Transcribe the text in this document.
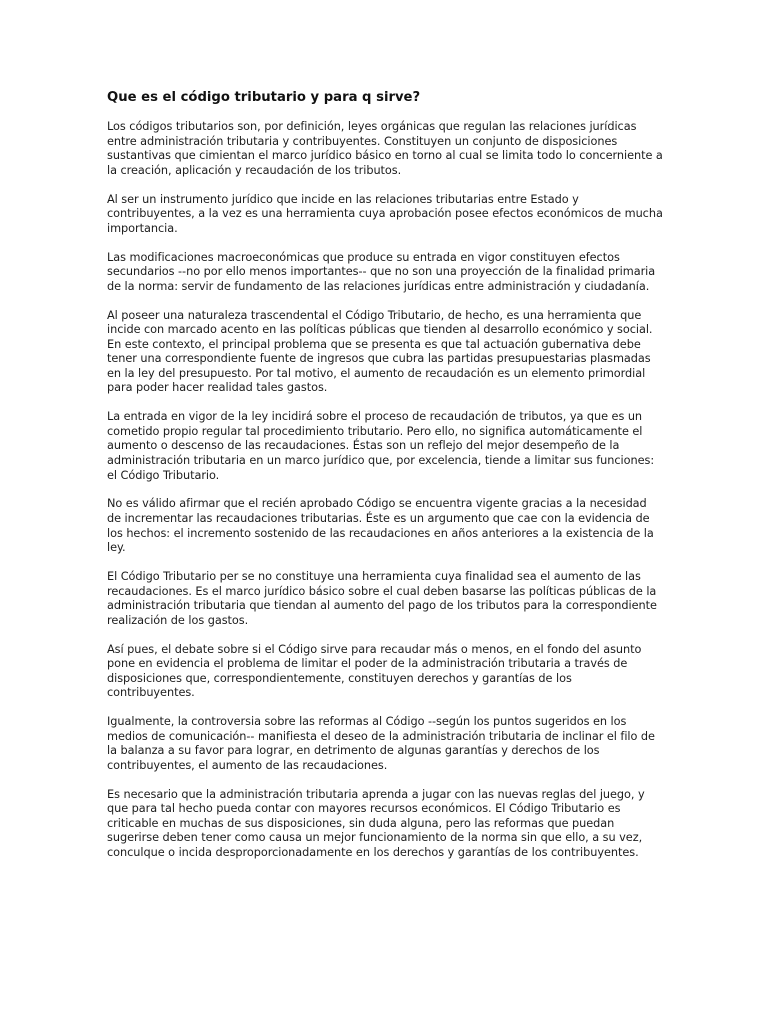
Que es el código tributario y para q sirve?

Los códigos tributarios son, por definición, leyes orgánicas que regulan las relaciones jurídicas entre administración tributaria y contribuyentes. Constituyen un conjunto de disposiciones sustantivas que cimientan el marco jurídico básico en torno al cual se limita todo lo concerniente a la creación, aplicación y recaudación de los tributos.

Al ser un instrumento jurídico que incide en las relaciones tributarias entre Estado y contribuyentes, a la vez es una herramienta cuya aprobación posee efectos económicos de mucha importancia.

Las modificaciones macroeconómicas que produce su entrada en vigor constituyen efectos secundarios --no por ello menos importantes-- que no son una proyección de la finalidad primaria de la norma: servir de fundamento de las relaciones jurídicas entre administración y ciudadanía.

Al poseer una naturaleza trascendental el Código Tributario, de hecho, es una herramienta que incide con marcado acento en las políticas públicas que tienden al desarrollo económico y social. En este contexto, el principal problema que se presenta es que tal actuación gubernativa debe tener una correspondiente fuente de ingresos que cubra las partidas presupuestarias plasmadas en la ley del presupuesto. Por tal motivo, el aumento de recaudación es un elemento primordial para poder hacer realidad tales gastos.

La entrada en vigor de la ley incidirá sobre el proceso de recaudación de tributos, ya que es un cometido propio regular tal procedimiento tributario. Pero ello, no significa automáticamente el aumento o descenso de las recaudaciones. Éstas son un reflejo del mejor desempeño de la administración tributaria en un marco jurídico que, por excelencia, tiende a limitar sus funciones: el Código Tributario.

No es válido afirmar que el recién aprobado Código se encuentra vigente gracias a la necesidad de incrementar las recaudaciones tributarias. Éste es un argumento que cae con la evidencia de los hechos: el incremento sostenido de las recaudaciones en años anteriores a la existencia de la ley.

El Código Tributario per se no constituye una herramienta cuya finalidad sea el aumento de las recaudaciones. Es el marco jurídico básico sobre el cual deben basarse las políticas públicas de la administración tributaria que tiendan al aumento del pago de los tributos para la correspondiente realización de los gastos.

Así pues, el debate sobre si el Código sirve para recaudar más o menos, en el fondo del asunto pone en evidencia el problema de limitar el poder de la administración tributaria a través de disposiciones que, correspondientemente, constituyen derechos y garantías de los contribuyentes.

Igualmente, la controversia sobre las reformas al Código --según los puntos sugeridos en los medios de comunicación-- manifiesta el deseo de la administración tributaria de inclinar el filo de la balanza a su favor para lograr, en detrimento de algunas garantías y derechos de los contribuyentes, el aumento de las recaudaciones.

Es necesario que la administración tributaria aprenda a jugar con las nuevas reglas del juego, y que para tal hecho pueda contar con mayores recursos económicos. El Código Tributario es criticable en muchas de sus disposiciones, sin duda alguna, pero las reformas que puedan sugerirse deben tener como causa un mejor funcionamiento de la norma sin que ello, a su vez, conculque o incida desproporcionadamente en los derechos y garantías de los contribuyentes.
